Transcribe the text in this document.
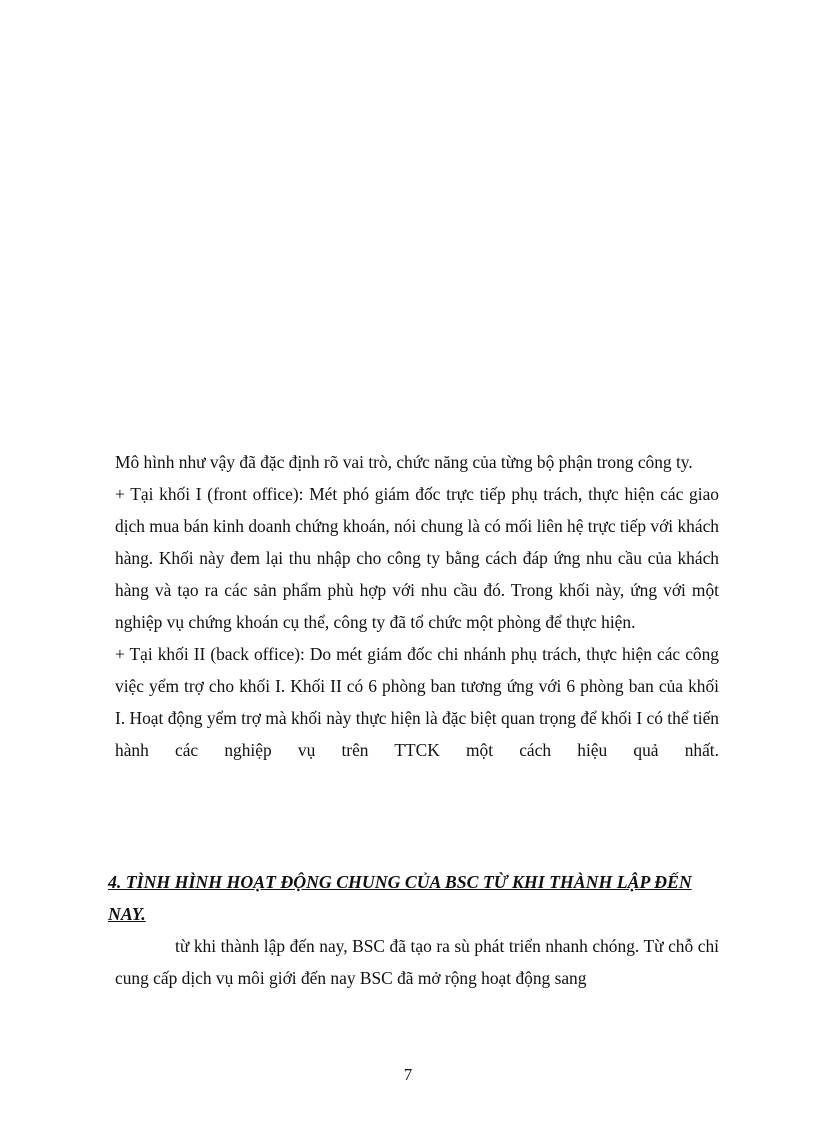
Mô hình như vậy đã đặc định rõ vai trò, chức năng của từng bộ phận trong công ty.

+ Tại khối I (front office): Mét phó giám đốc trực tiếp phụ trách, thực hiện các giao dịch mua bán kinh doanh chứng khoán, nói chung là có mối liên hệ trực tiếp với khách hàng. Khối này đem lại thu nhập cho công ty bằng cách đáp ứng nhu cầu của khách hàng và tạo ra các sản phẩm phù hợp với nhu cầu đó. Trong khối này, ứng với một nghiệp vụ chứng khoán cụ thể, công ty đã tổ chức một phòng để thực hiện.

+ Tại khối II (back office): Do mét giám đốc chi nhánh phụ trách, thực hiện các công việc yểm trợ cho khối I. Khối II có 6 phòng ban tương ứng với 6 phòng ban của khối I. Hoạt động yểm trợ mà khối này thực hiện là đặc biệt quan trọng để khối I có thể tiến hành các nghiệp vụ trên TTCK một cách hiệu quả nhất.

4. TÌNH HÌNH HOẠT ĐỘNG CHUNG CỦA BSC TỪ KHI THÀNH LẬP ĐẾN NAY.

từ khi thành lập đến nay, BSC đã tạo ra sù phát triển nhanh chóng. Từ chỗ chỉ cung cấp dịch vụ môi giới đến nay BSC đã mở rộng hoạt động sang

7
